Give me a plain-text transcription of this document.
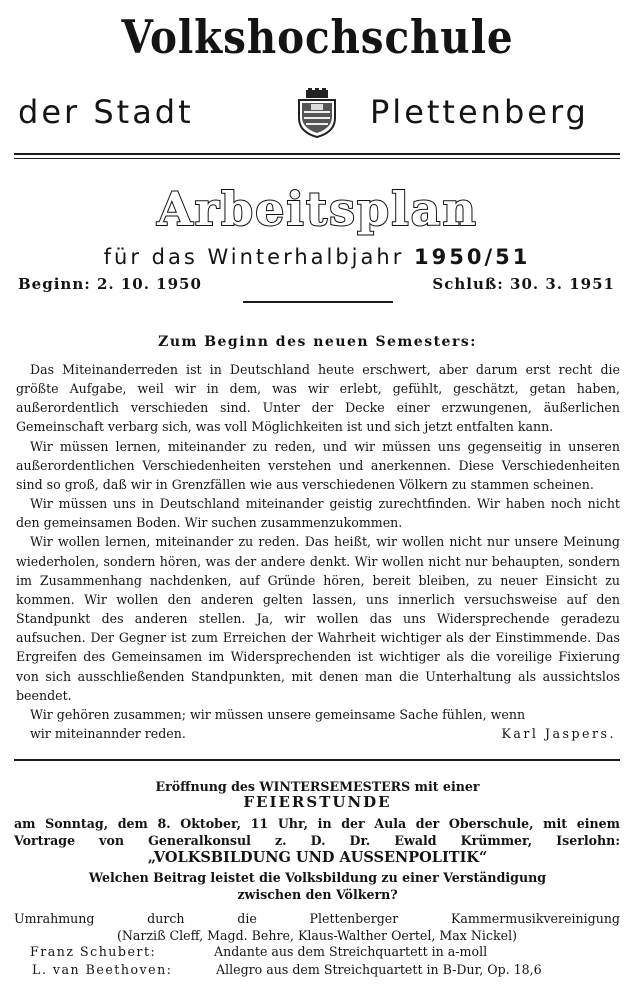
Volkshochschule
der Stadt	Plettenberg
Arbeitsplan
für das Winterhalbjahr 1950/51
Beginn: 2. 10. 1950	Schluß: 30. 3. 1951
Zum Beginn des neuen Semesters:

Das Miteinanderreden ist in Deutschland heute erschwert, aber darum erst recht die größte Aufgabe, weil wir in dem, was wir erlebt, gefühlt, geschätzt, getan haben, außerordentlich verschieden sind. Unter der Decke einer erzwungenen, äußerlichen Gemeinschaft verbarg sich, was voll Möglichkeiten ist und sich jetzt entfalten kann.

Wir müssen lernen, miteinander zu reden, und wir müssen uns gegenseitig in unseren außerordentlichen Verschiedenheiten verstehen und anerkennen. Diese Verschiedenheiten sind so groß, daß wir in Grenzfällen wie aus verschiedenen Völkern zu stammen scheinen.

Wir müssen uns in Deutschland miteinander geistig zurechtfinden. Wir haben noch nicht den gemeinsamen Boden. Wir suchen zusammenzukommen.

Wir wollen lernen, miteinander zu reden. Das heißt, wir wollen nicht nur unsere Meinung wiederholen, sondern hören, was der andere denkt. Wir wollen nicht nur behaupten, sondern im Zusammenhang nachdenken, auf Gründe hören, bereit bleiben, zu neuer Einsicht zu kommen. Wir wollen den anderen gelten lassen, uns innerlich versuchsweise auf den Standpunkt des anderen stellen. Ja, wir wollen das uns Widersprechende geradezu aufsuchen. Der Gegner ist zum Erreichen der Wahrheit wichtiger als der Einstimmende. Das Ergreifen des Gemeinsamen im Widersprechenden ist wichtiger als die voreilige Fixierung von sich ausschließenden Standpunkten, mit denen man die Unterhaltung als aussichtslos beendet.

Wir gehören zusammen; wir müssen unsere gemeinsame Sache fühlen, wenn

wir miteinannder reden.	Karl Jaspers.

Eröffnung des WINTERSEMESTERS mit einer
FEIERSTUNDE
am Sonntag, dem 8. Oktober, 11 Uhr, in der Aula der Oberschule, mit einem
Vortrage von Generalkonsul z. D. Dr. Ewald Krümmer, Iserlohn:
„VOLKSBILDUNG UND AUSSENPOLITIK“
Welchen Beitrag leistet die Volksbildung zu einer Verständigung
zwischen den Völkern?
Umrahmung durch die Plettenberger Kammermusikvereinigung
(Narziß Cleff, Magd. Behre, Klaus-Walther Oertel, Max Nickel)
Franz Schubert:	Andante aus dem Streichquartett in a-moll
L. van Beethoven:	Allegro aus dem Streichquartett in B-Dur, Op. 18,6
